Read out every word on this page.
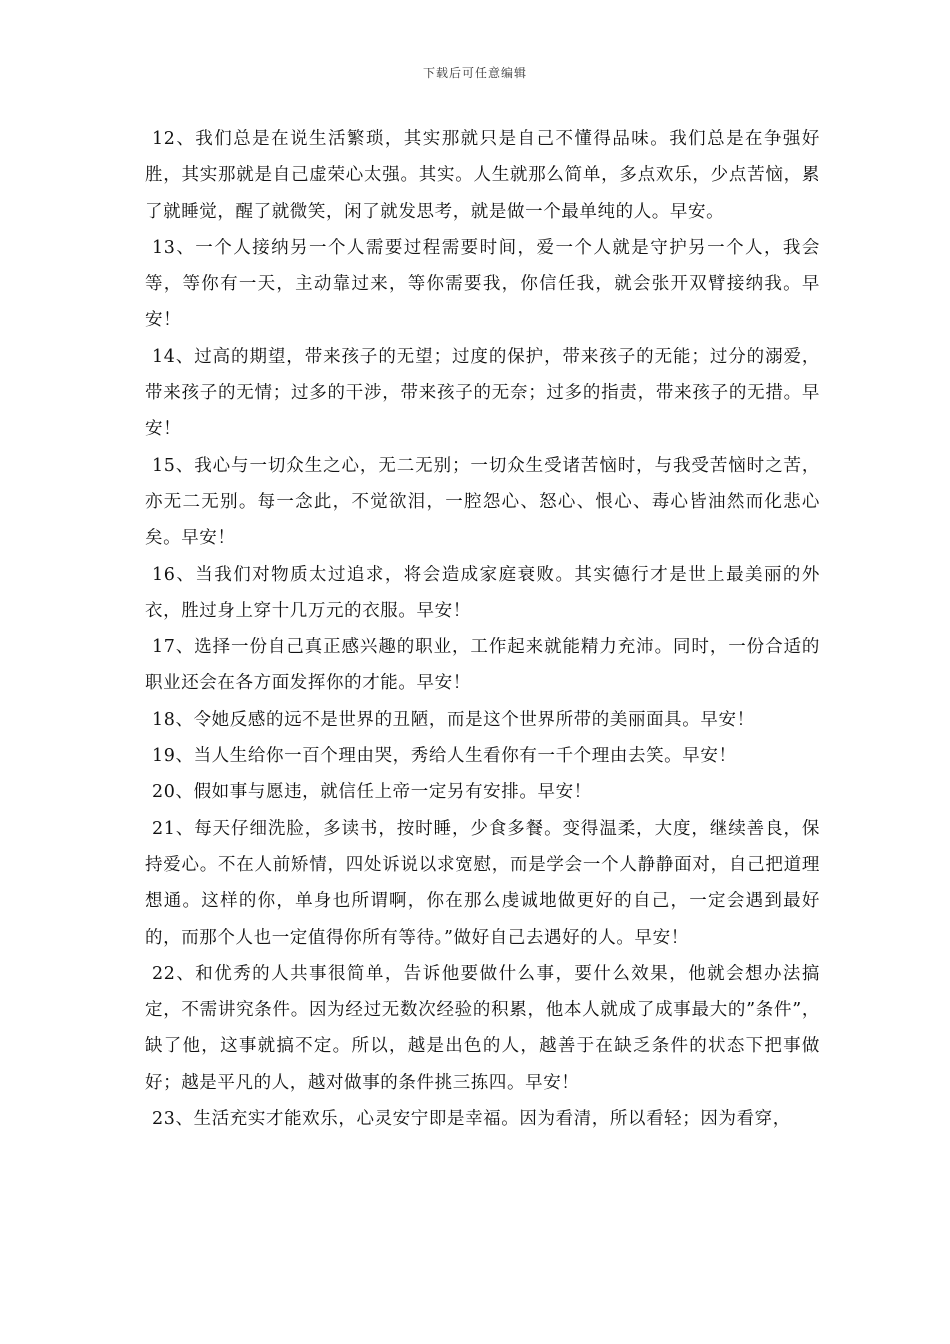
下载后可任意编辑

12、我们总是在说生活繁琐，其实那就只是自己不懂得品味。我们总是在争强好胜，其实那就是自己虚荣心太强。其实。人生就那么简单，多点欢乐，少点苦恼，累了就睡觉，醒了就微笑，闲了就发思考，就是做一个最单纯的人。早安。

13、一个人接纳另一个人需要过程需要时间，爱一个人就是守护另一个人，我会等，等你有一天，主动靠过来，等你需要我，你信任我，就会张开双臂接纳我。早安！

14、过高的期望，带来孩子的无望；过度的保护，带来孩子的无能；过分的溺爱，带来孩子的无情；过多的干涉，带来孩子的无奈；过多的指责，带来孩子的无措。早安！

15、我心与一切众生之心，无二无别；一切众生受诸苦恼时，与我受苦恼时之苦，亦无二无别。每一念此，不觉欲泪，一腔怨心、怒心、恨心、毒心皆油然而化悲心矣。早安！

16、当我们对物质太过追求，将会造成家庭衰败。其实德行才是世上最美丽的外衣，胜过身上穿十几万元的衣服。早安！

17、选择一份自己真正感兴趣的职业，工作起来就能精力充沛。同时，一份合适的职业还会在各方面发挥你的才能。早安！

18、令她反感的远不是世界的丑陋，而是这个世界所带的美丽面具。早安！

19、当人生给你一百个理由哭，秀给人生看你有一千个理由去笑。早安！

20、假如事与愿违，就信任上帝一定另有安排。早安！

21、每天仔细洗脸，多读书，按时睡，少食多餐。变得温柔，大度，继续善良，保持爱心。不在人前矫情，四处诉说以求宽慰，而是学会一个人静静面对，自己把道理想通。这样的你，单身也所谓啊，你在那么虔诚地做更好的自己，一定会遇到最好的，而那个人也一定值得你所有等待。”做好自己去遇好的人。早安！

22、和优秀的人共事很简单，告诉他要做什么事，要什么效果，他就会想办法搞定，不需讲究条件。因为经过无数次经验的积累，他本人就成了成事最大的”条件”，缺了他，这事就搞不定。所以，越是出色的人，越善于在缺乏条件的状态下把事做好；越是平凡的人，越对做事的条件挑三拣四。早安！

23、生活充实才能欢乐，心灵安宁即是幸福。因为看清，所以看轻；因为看穿，
